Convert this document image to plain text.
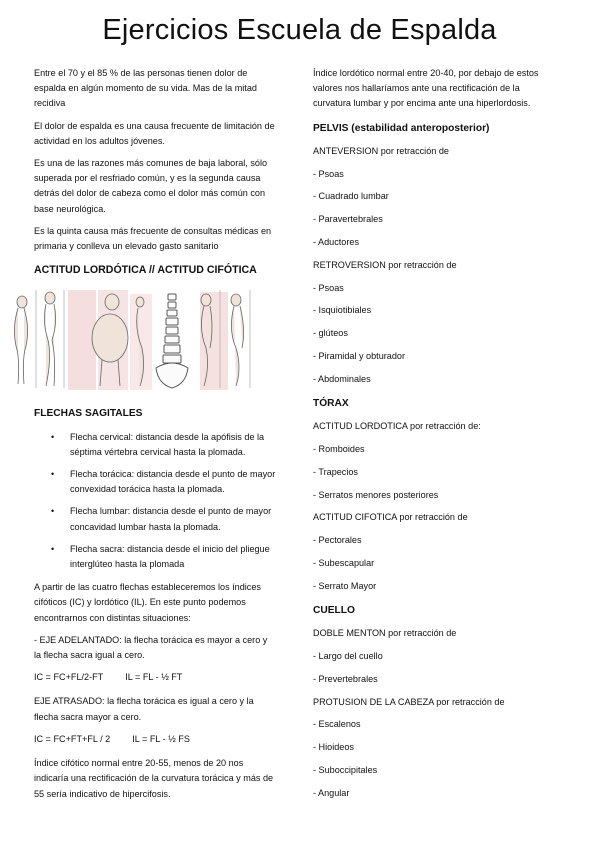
Ejercicios Escuela de Espalda

Entre el 70 y el 85 % de las personas tienen dolor de espalda en algún momento de su vida. Mas de la mitad recidiva

El dolor de espalda es una causa frecuente de limitación de actividad en los adultos jóvenes.

Es una de las razones más comunes de baja laboral, sólo superada por el resfriado común, y es la segunda causa detrás del dolor de cabeza como el dolor más común con base neurológica.

Es la quinta causa más frecuente de consultas médicas en primaria y conlleva un elevado gasto sanitario

ACTITUD LORDÓTICA // ACTITUD CIFÓTICA
FLECHAS SAGITALES
• Flecha cervical: distancia desde la apófisis de la séptima vértebra cervical hasta la plomada.
• Flecha torácica: distancia desde el punto de mayor convexidad torácica hasta la plomada.
• Flecha lumbar: distancia desde el punto de mayor concavidad lumbar hasta la plomada.
• Flecha sacra: distancia desde el inicio del pliegue interglúteo hasta la plomada

A partir de las cuatro flechas estableceremos los índices cifóticos (IC) y lordótico (IL). En este punto podemos encontrarnos con distintas situaciones:

- EJE ADELANTADO: la flecha torácica es mayor a cero y la flecha sacra igual a cero.

IC = FC+FL/2-FT IL = FL - ½ FT

EJE ATRASADO: la flecha torácica es igual a cero y la flecha sacra mayor a cero.

IC = FC+FT+FL / 2 IL = FL - ½ FS

Índice cifótico normal entre 20-55, menos de 20 nos indicaría una rectificación de la curvatura torácica y más de 55 sería indicativo de hipercifosis.

Índice lordótico normal entre 20-40, por debajo de estos valores nos hallaríamos ante una rectificación de la curvatura lumbar y por encima ante una hiperlordosis.

PELVIS (estabilidad anteroposterior)
ANTEVERSION por retracción de
- Psoas
- Cuadrado lumbar
- Paravertebrales
- Aductores
RETROVERSION por retracción de
- Psoas
- Isquiotibiales
- glúteos
- Piramidal y obturador
- Abdominales
TÓRAX
ACTITUD LORDOTICA por retracción de:
- Romboides
- Trapecios
- Serratos menores posteriores
ACTITUD CIFOTICA por retracción de
- Pectorales
- Subescapular
- Serrato Mayor
CUELLO
DOBLE MENTON por retracción de
- Largo del cuello
- Prevertebrales
PROTUSION DE LA CABEZA por retracción de
- Escalenos
- Hioideos
- Suboccipitales
- Angular
